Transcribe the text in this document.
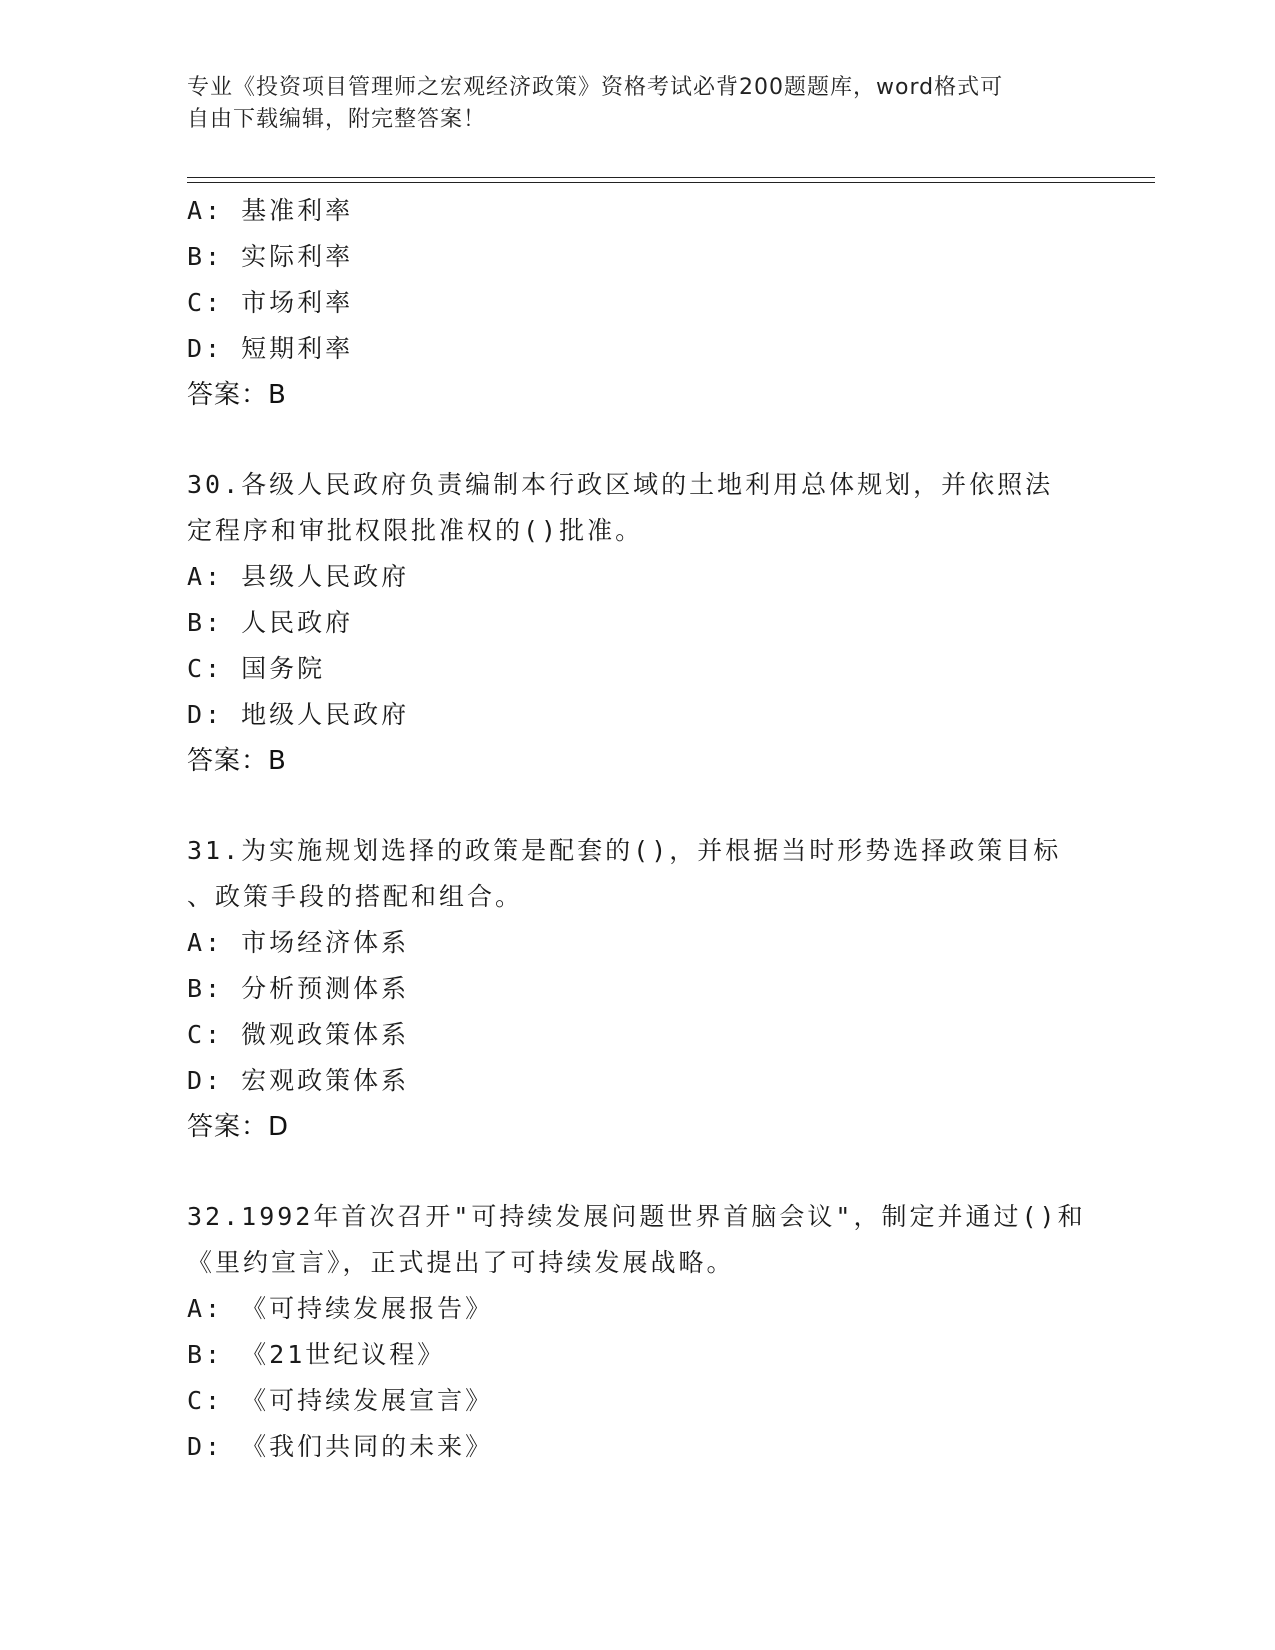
专业《投资项目管理师之宏观经济政策》资格考试必背200题题库，word格式可
自由下载编辑，附完整答案！
A: 基准利率
B: 实际利率
C: 市场利率
D: 短期利率
答案：B
30.各级人民政府负责编制本行政区域的土地利用总体规划，并依照法
定程序和审批权限批准权的()批准。
A: 县级人民政府
B: 人民政府
C: 国务院
D: 地级人民政府
答案：B
31.为实施规划选择的政策是配套的()，并根据当时形势选择政策目标
、政策手段的搭配和组合。
A: 市场经济体系
B: 分析预测体系
C: 微观政策体系
D: 宏观政策体系
答案：D
32.1992年首次召开"可持续发展问题世界首脑会议"，制定并通过()和
《里约宣言》，正式提出了可持续发展战略。
A: 《可持续发展报告》
B: 《21世纪议程》
C: 《可持续发展宣言》
D: 《我们共同的未来》
